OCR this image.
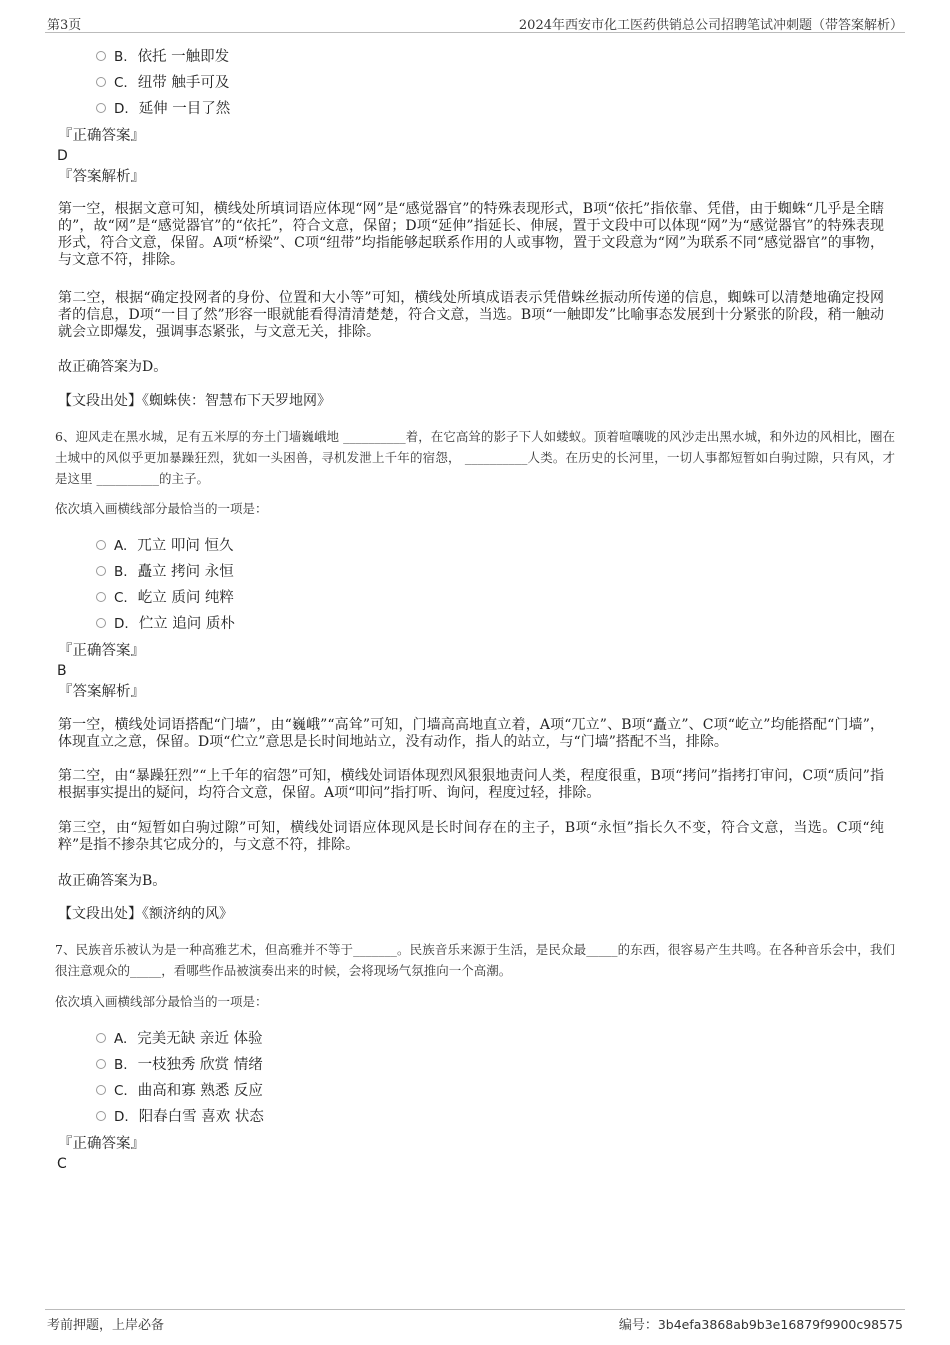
第3页	2024年西安市化工医药供销总公司招聘笔试冲刺题（带答案解析）
B. 依托 一触即发
C. 纽带 触手可及
D. 延伸 一目了然
『正确答案』
D
『答案解析』
第一空，根据文意可知，横线处所填词语应体现“网”是“感觉器官”的特殊表现形式，B项“依托”指依靠、凭借，由于蜘蛛“几乎是全瞎的”，故“网”是“感觉器官”的“依托”，符合文意，保留；D项“延伸”指延长、伸展，置于文段中可以体现“网”为“感觉器官”的特殊表现形式，符合文意，保留。A项“桥梁”、C项“纽带”均指能够起联系作用的人或事物，置于文段意为“网”为联系不同“感觉器官”的事物，与文意不符，排除。
第二空，根据“确定投网者的身份、位置和大小等”可知，横线处所填成语表示凭借蛛丝振动所传递的信息，蜘蛛可以清楚地确定投网者的信息，D项“一目了然”形容一眼就能看得清清楚楚，符合文意，当选。B项“一触即发”比喻事态发展到十分紧张的阶段，稍一触动就会立即爆发，强调事态紧张，与文意无关，排除。
故正确答案为D。
【文段出处】《蜘蛛侠：智慧布下天罗地网》
6、迎风走在黑水城，足有五米厚的夯土门墙巍峨地 __________着，在它高耸的影子下人如蝼蚁。顶着喧嚷咙的风沙走出黑水城，和外边的风相比，圈在土城中的风似乎更加暴躁狂烈，犹如一头困兽，寻机发泄上千年的宿怨， __________人类。在历史的长河里，一切人事都短暂如白驹过隙，只有风，才是这里 __________的主子。
依次填入画横线部分最恰当的一项是：
A. 兀立 叩问 恒久
B. 矗立 拷问 永恒
C. 屹立 质问 纯粹
D. 伫立 追问 质朴
『正确答案』
B
『答案解析』
第一空，横线处词语搭配“门墙”，由“巍峨”“高耸”可知，门墙高高地直立着，A项“兀立”、B项“矗立”、C项“屹立”均能搭配“门墙”，体现直立之意，保留。D项“伫立”意思是长时间地站立，没有动作，指人的站立，与“门墙”搭配不当，排除。
第二空，由“暴躁狂烈”“上千年的宿怨”可知，横线处词语体现烈风狠狠地责问人类，程度很重，B项“拷问”指拷打审问，C项“质问”指根据事实提出的疑问，均符合文意，保留。A项“叩问”指打听、询问，程度过轻，排除。
第三空，由“短暂如白驹过隙”可知，横线处词语应体现风是长时间存在的主子，B项“永恒”指长久不变，符合文意，当选。C项“纯粹”是指不掺杂其它成分的，与文意不符，排除。
故正确答案为B。
【文段出处】《额济纳的风》
7、民族音乐被认为是一种高雅艺术，但高雅并不等于_______。民族音乐来源于生活，是民众最_____的东西，很容易产生共鸣。在各种音乐会中，我们很注意观众的_____，看哪些作品被演奏出来的时候，会将现场气氛推向一个高潮。
依次填入画横线部分最恰当的一项是：
A. 完美无缺 亲近 体验
B. 一枝独秀 欣赏 情绪
C. 曲高和寡 熟悉 反应
D. 阳春白雪 喜欢 状态
『正确答案』
C
考前押题，上岸必备	编号：3b4efa3868ab9b3e16879f9900c98575
